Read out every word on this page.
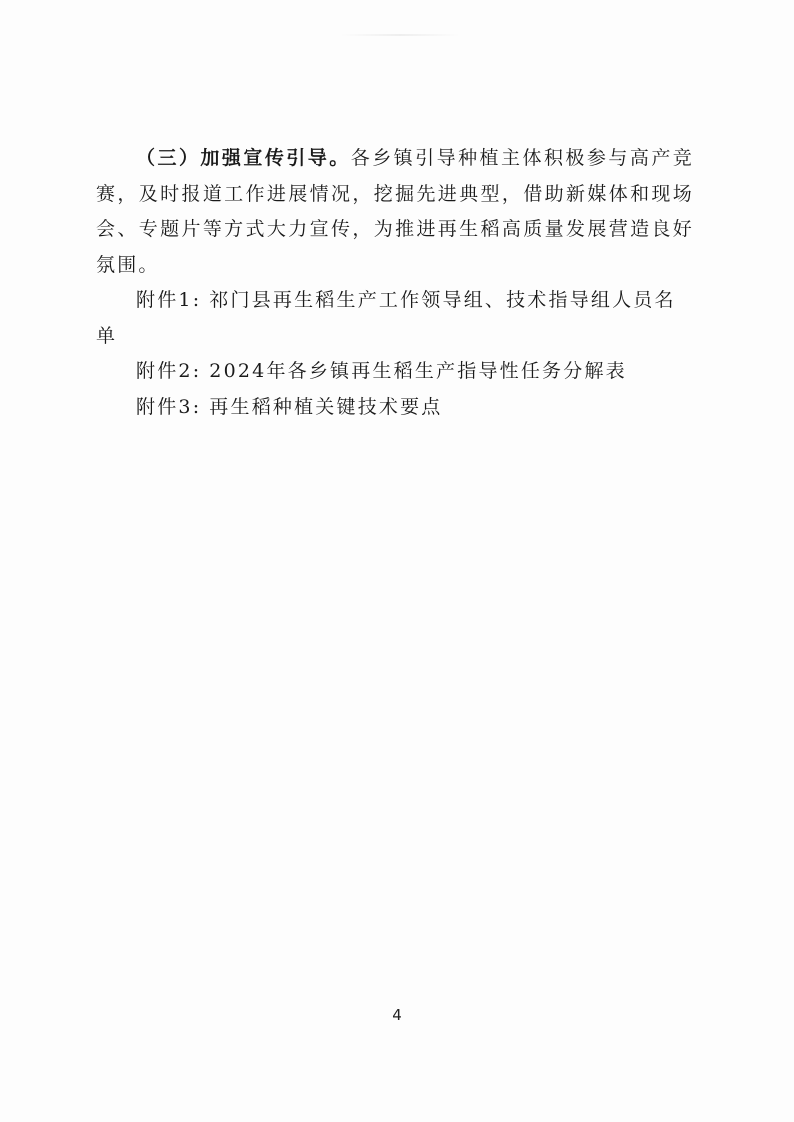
（三）加强宣传引导。各乡镇引导种植主体积极参与高产竞赛，及时报道工作进展情况，挖掘先进典型，借助新媒体和现场会、专题片等方式大力宣传，为推进再生稻高质量发展营造良好氛围。

附件1: 祁门县再生稻生产工作领导组、技术指导组人员名单

附件2: 2024年各乡镇再生稻生产指导性任务分解表

附件3: 再生稻种植关键技术要点

4
